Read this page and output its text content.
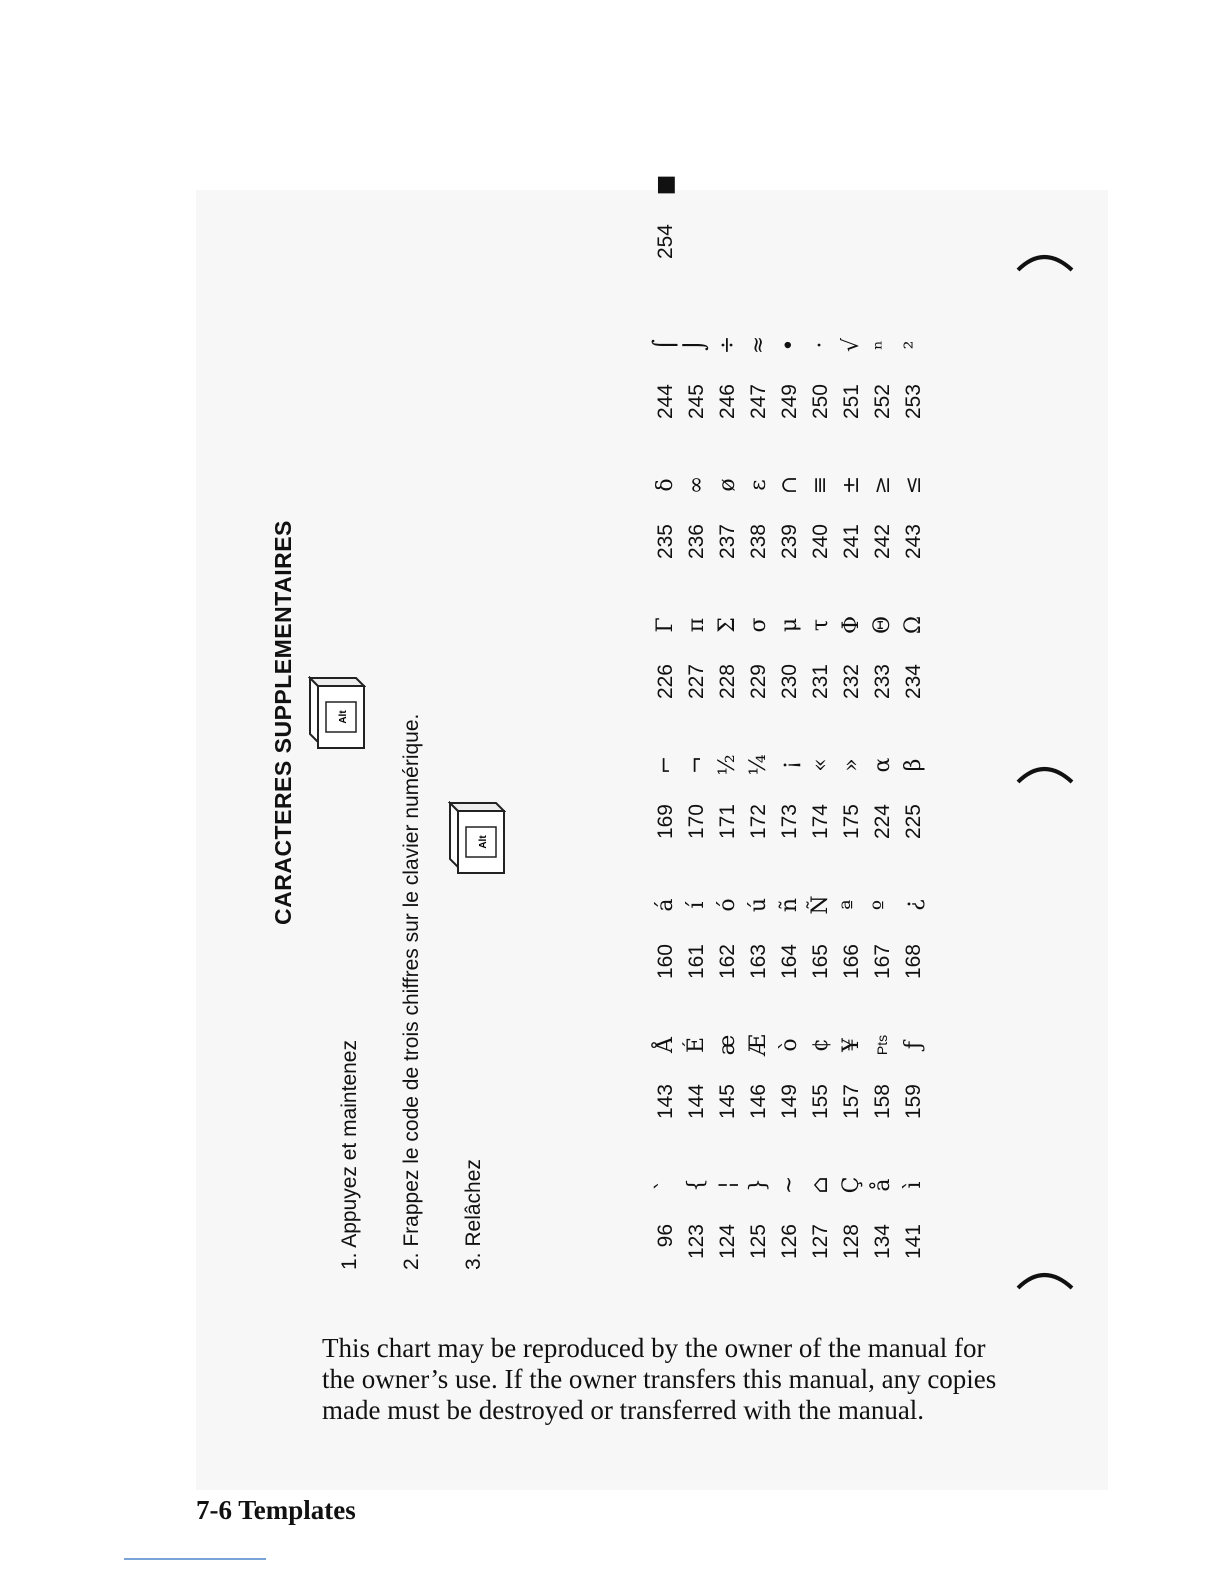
CARACTERES SUPPLEMENTAIRES
1. Appuyez et maintenez 2. Frappez le code de trois chiffres sur le clavier numérique. 3. Relâchez
Alt
Alt
96
`
123
{
124
¦
125
}
126
~
127
⌂
128
Ç
134
å
141
ì
143
Å
144
É
145
æ
146
Æ
149
ò
155
¢
157
¥
158
Pts
159
ƒ
160
á
161
í
162
ó
163
ú
164
ñ
165
Ñ
166
ª
167
º
168
¿
169
⌐
170
¬
171
½
172
¼
173
¡
174
«
175
»
224
α
225
β
226
Γ
227
π
228
Σ
229
σ
230
μ
231
τ
232
Φ
233
Θ
234
Ω
235
δ
236
∞
237
ø
238
ε
239
∩
240
≡
241
±
242
≥
243
≤
244
⌠
245
⌡
246
÷
247
≈
249
•
250
·
251
√
252
ⁿ
253
²
254
■
This chart may be reproduced by the owner of the manual for the owner’s use. If the owner transfers this manual, any copies made must be destroyed or transferred with the manual.
7-6 Templates
